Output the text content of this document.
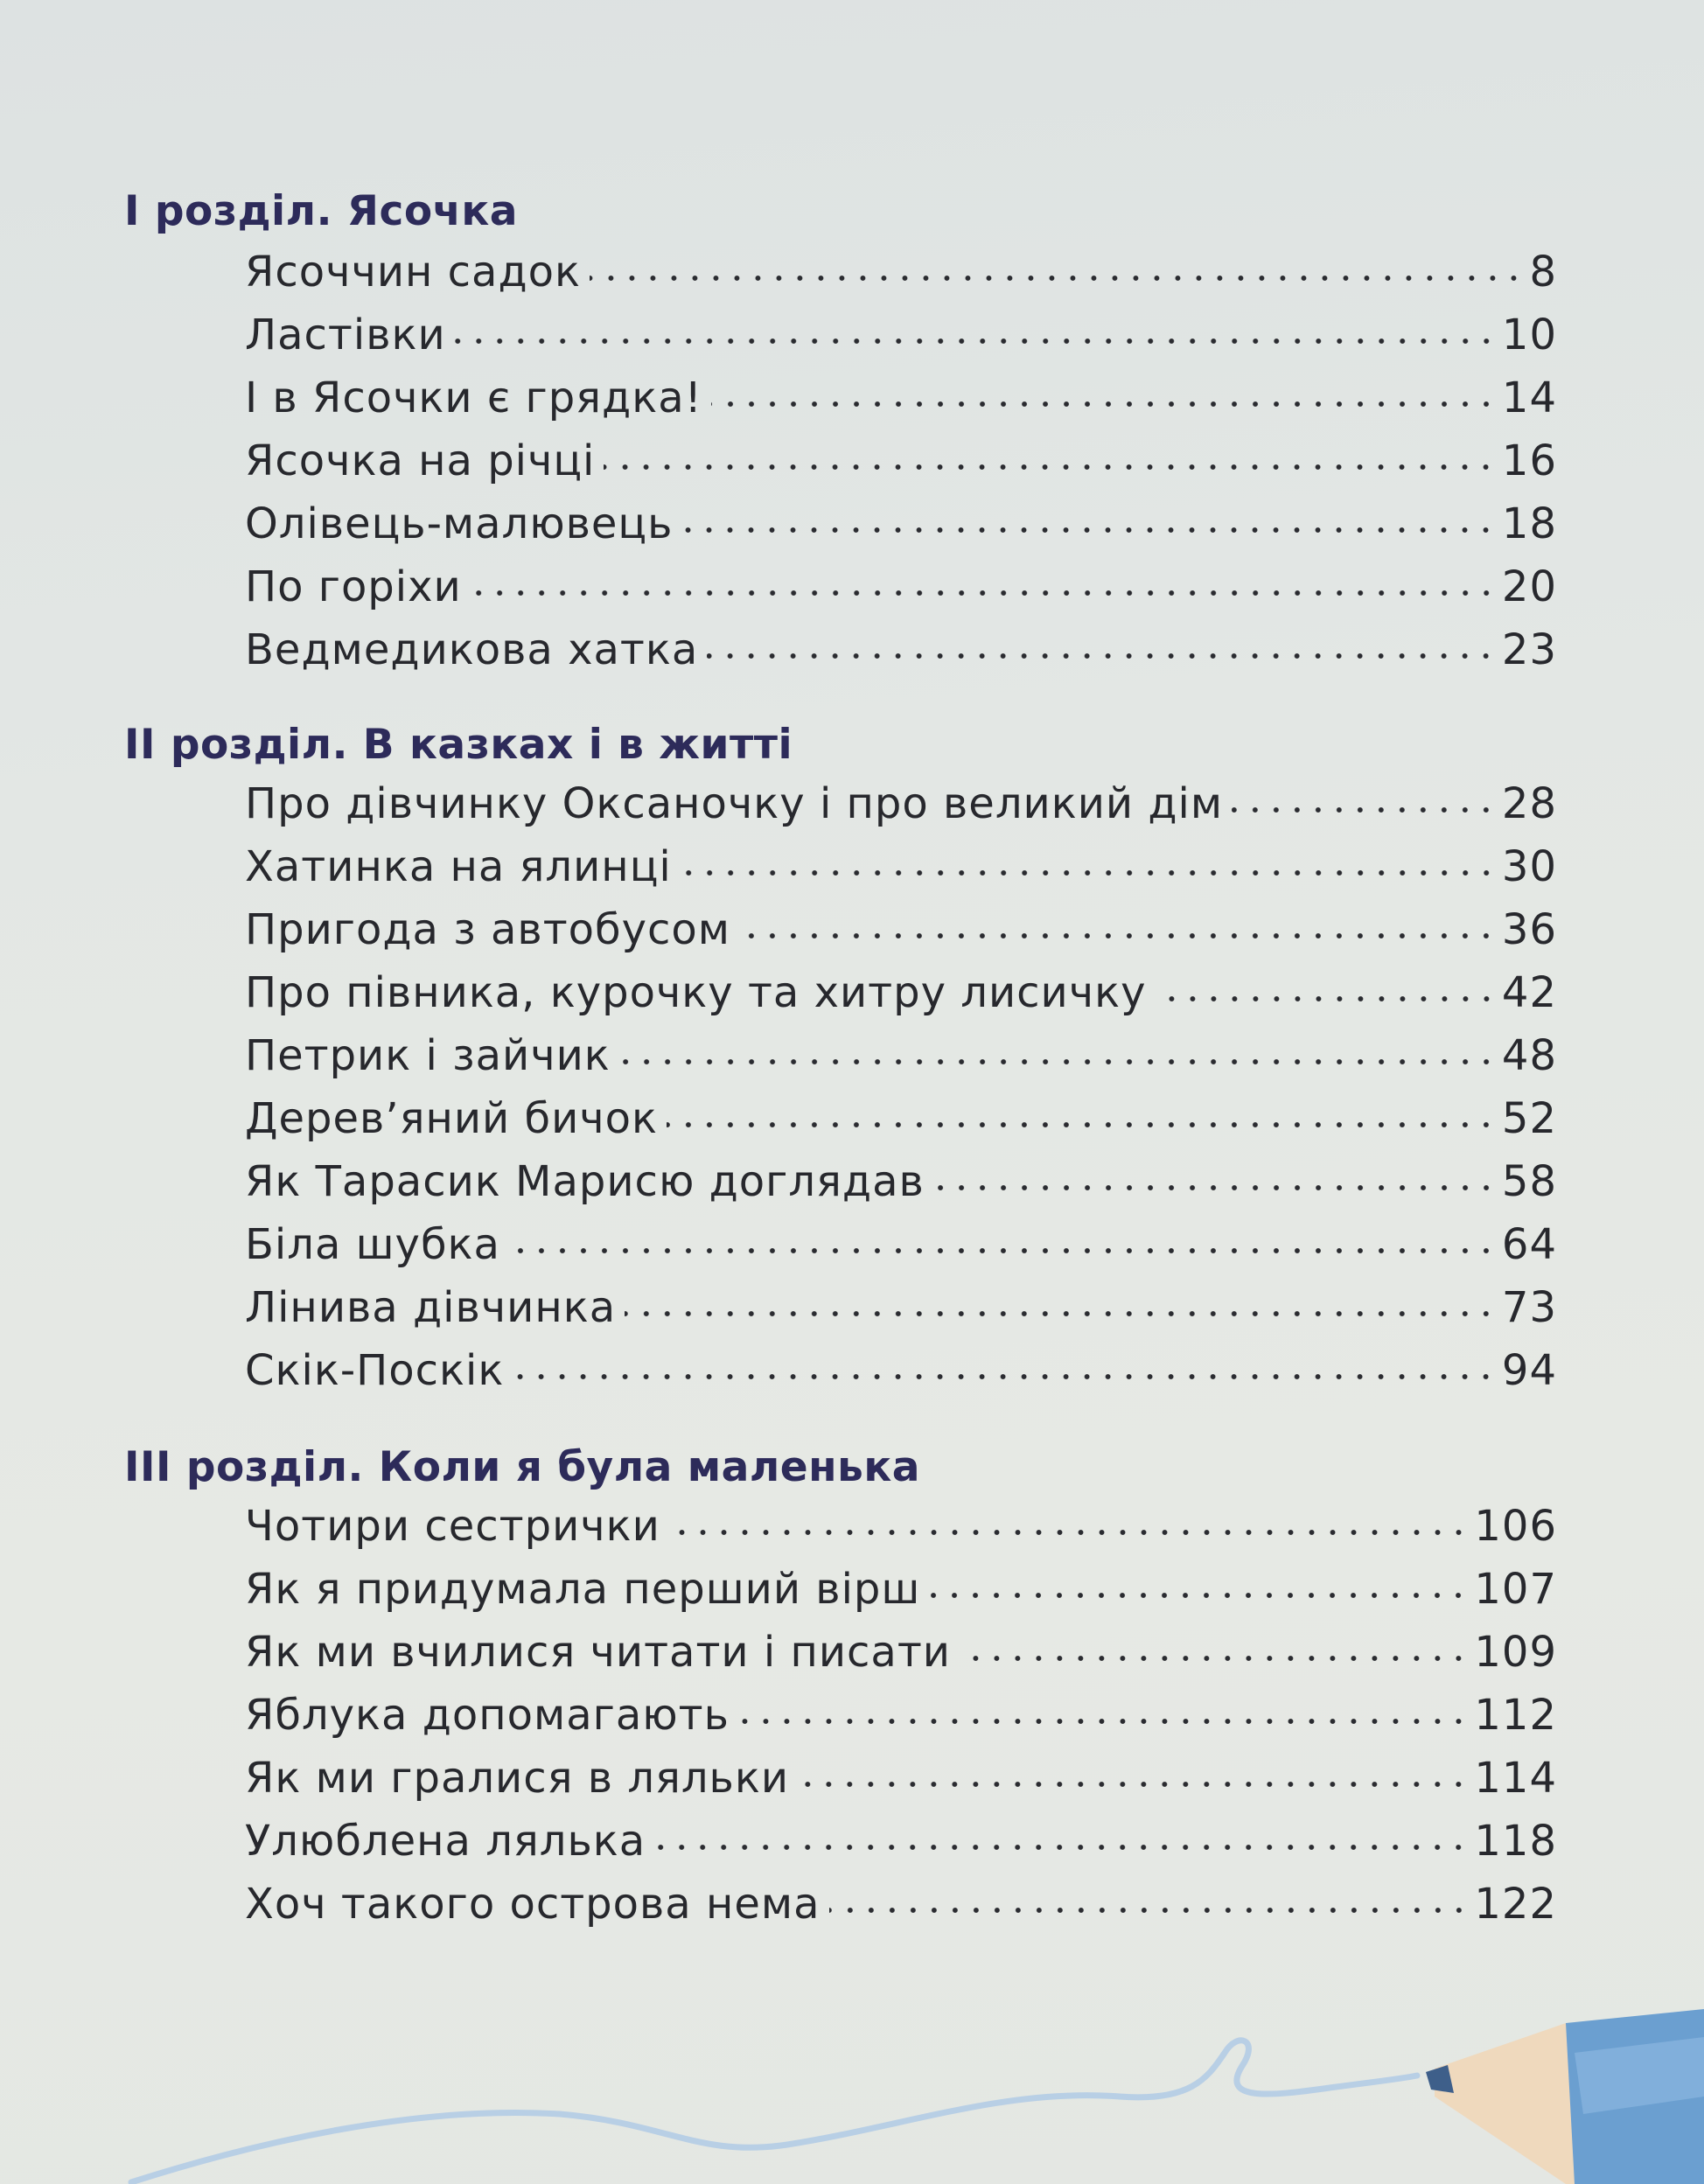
І розділ. Ясочка
Ясоччин садок	8
Ластівки	10
І в Ясочки є грядка!	14
Ясочка на річці	16
Олівець-малювець	18
По горіхи	20
Ведмедикова хатка	23
ІІ розділ. В казках і в житті
Про дівчинку Оксаночку і про великий дім	28
Хатинка на ялинці	30
Пригода з автобусом	36
Про півника, курочку та хитру лисичку	42
Петрик і зайчик	48
Дерев’яний бичок	52
Як Тарасик Марисю доглядав	58
Біла шубка	64
Лінива дівчинка	73
Скік-Поскік	94
ІІІ розділ. Коли я була маленька
Чотири сестрички	106
Як я придумала перший вірш	107
Як ми вчилися читати і писати	109
Яблука допомагають	112
Як ми гралися в ляльки	114
Улюблена лялька	118
Хоч такого острова нема	122
